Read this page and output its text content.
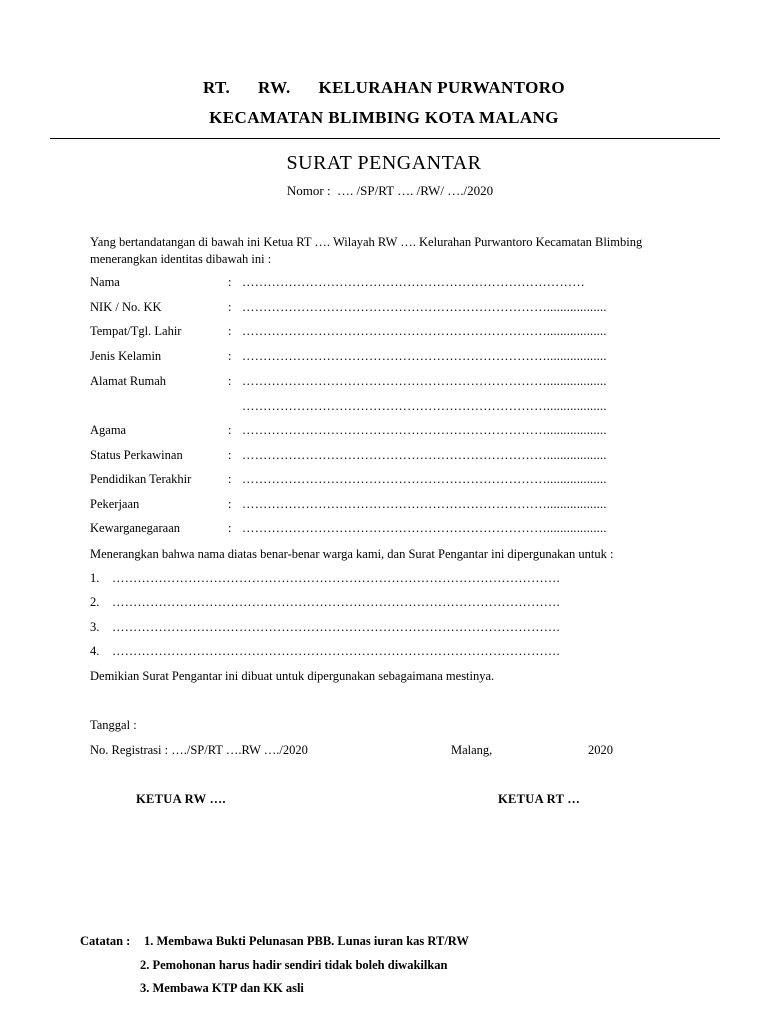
RT.      RW.      KELURAHAN PURWANTORO
KECAMATAN BLIMBING KOTA MALANG
SURAT PENGANTAR
Nomor :  …. /SP/RT …. /RW/ …./2020
Yang bertandatangan di bawah ini Ketua RT …. Wilayah RW …. Kelurahan Purwantoro Kecamatan Blimbing menerangkan identitas dibawah ini :
Nama	: ………………………………………………………………………
NIK / No. KK	: ………………………………………………………………..................
Tempat/Tgl. Lahir	: ………………………………………………………………..................
Jenis Kelamin	: ………………………………………………………………..................
Alamat Rumah	: ………………………………………………………………..................
………………………………………………………………..................
Agama	: ………………………………………………………………..................
Status Perkawinan	: ………………………………………………………………..................
Pendidikan Terakhir	: ………………………………………………………………..................
Pekerjaan	: ………………………………………………………………..................
Kewarganegaraan	: ………………………………………………………………..................
Menerangkan bahwa nama diatas benar-benar warga kami, dan Surat Pengantar ini dipergunakan untuk :
1. …………………………………………………………………………………………….
2. …………………………………………………………………………………………….
3. …………………………………………………………………………………………….
4. …………………………………………………………………………………………….
Demikian Surat Pengantar ini dibuat untuk dipergunakan sebagaimana mestinya.
Tanggal :
No. Registrasi : …./SP/RT ….RW …./2020	Malang,	2020
KETUA RW ….	KETUA RT …
Catatan : 1. Membawa Bukti Pelunasan PBB. Lunas iuran kas RT/RW
2. Pemohonan harus hadir sendiri tidak boleh diwakilkan
3. Membawa KTP dan KK asli
